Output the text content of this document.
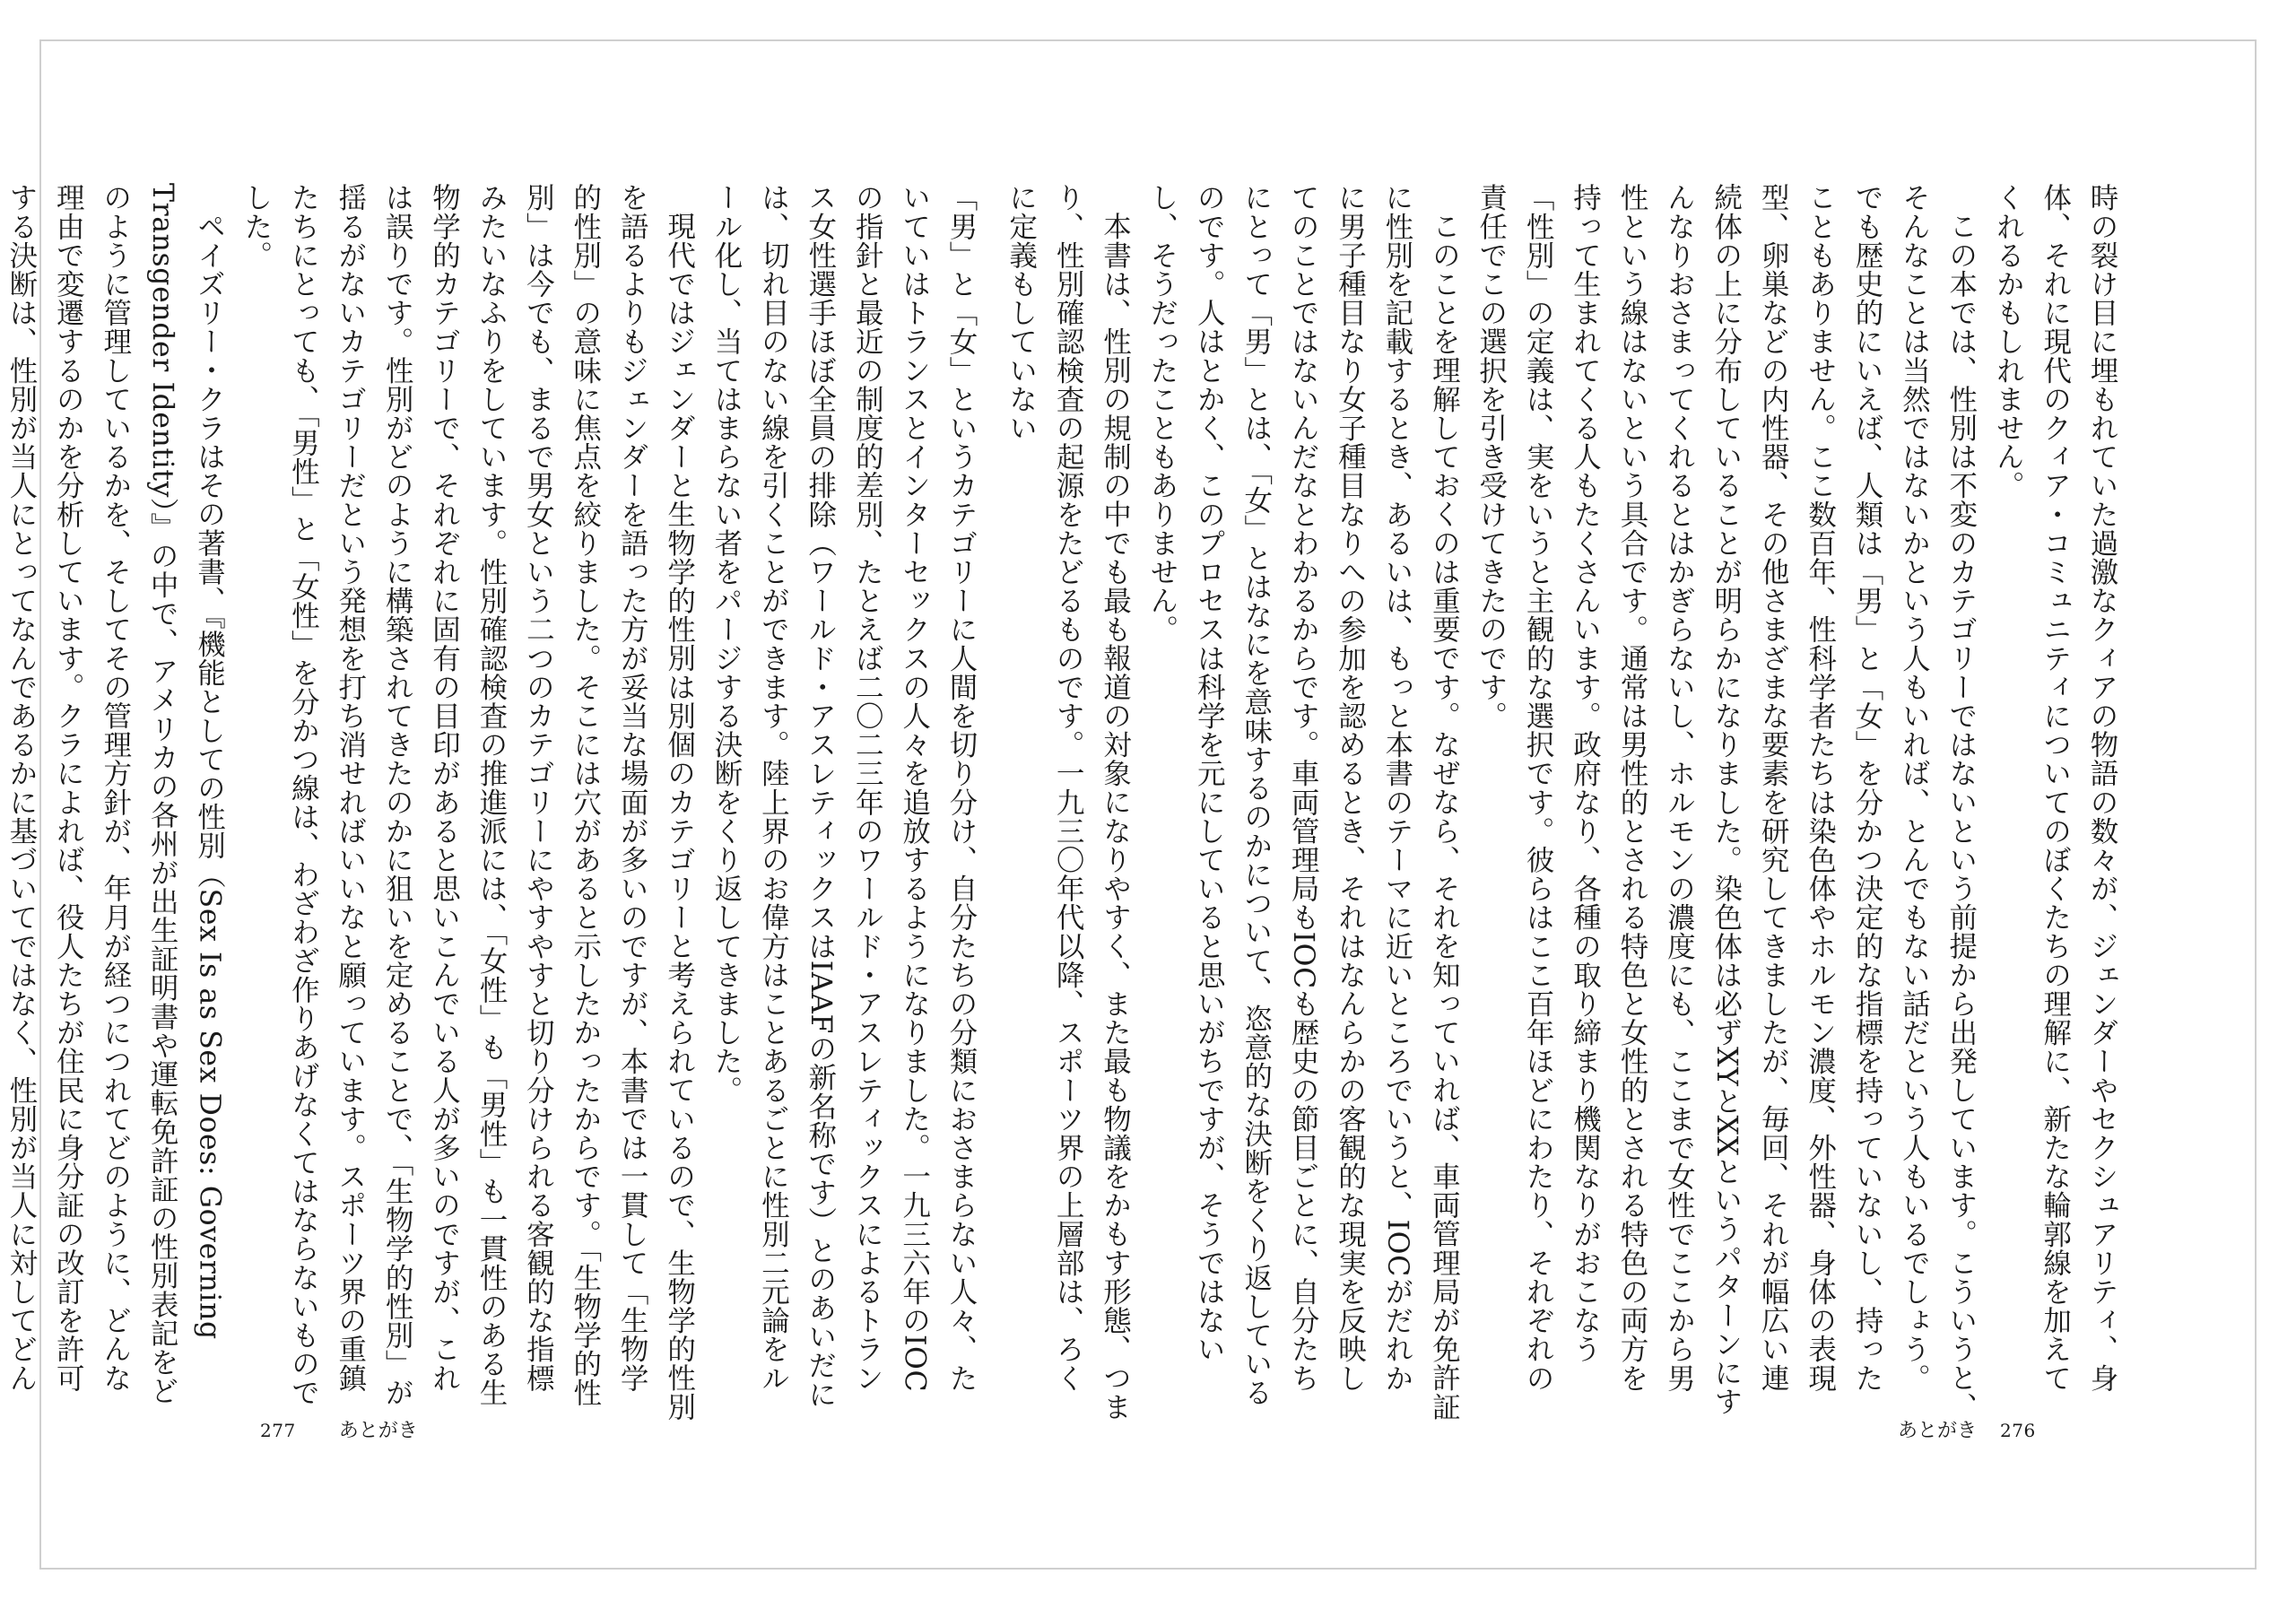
時の裂け目に埋もれていた過激なクィアの物語の数々が、ジェンダーやセクシュアリティ、身体、それに現代のクィア・コミュニティについてのぼくたちの理解に、新たな輪郭線を加えてくれるかもしれません。

この本では、性別は不変のカテゴリーではないという前提から出発しています。こういうと、そんなことは当然ではないかという人もいれば、とんでもない話だという人もいるでしょう。でも歴史的にいえば、人類は「男」と「女」を分かつ決定的な指標を持っていないし、持ったこともありません。ここ数百年、性科学者たちは染色体やホルモン濃度、外性器、身体の表現型、卵巣などの内性器、その他さまざまな要素を研究してきましたが、毎回、それが幅広い連続体の上に分布していることが明らかになりました。染色体は必ずXYとXXというパターンにすんなりおさまってくれるとはかぎらないし、ホルモンの濃度にも、ここまで女性でここから男性という線はないという具合です。通常は男性的とされる特色と女性的とされる特色の両方を持って生まれてくる人もたくさんいます。政府なり、各種の取り締まり機関なりがおこなう「性別」の定義は、実をいうと主観的な選択です。彼らはここ百年ほどにわたり、それぞれの責任でこの選択を引き受けてきたのです。

このことを理解しておくのは重要です。なぜなら、それを知っていれば、車両管理局が免許証に性別を記載するとき、あるいは、もっと本書のテーマに近いところでいうと、IOCがだれかに男子種目なり女子種目なりへの参加を認めるとき、それはなんらかの客観的な現実を反映してのことではないんだなとわかるからです。車両管理局もIOCも歴史の節目ごとに、自分たちにとって「男」とは、「女」とはなにを意味するのかについて、恣意的な決断をくり返しているのです。人はとかく、このプロセスは科学を元にしていると思いがちですが、そうではないし、そうだったこともありません。

本書は、性別の規制の中でも最も報道の対象になりやすく、また最も物議をかもす形態、つまり、性別確認検査の起源をたどるものです。一九三〇年代以降、スポーツ界の上層部は、ろくに定義もしていない

あとがき 276

「男」と「女」というカテゴリーに人間を切り分け、自分たちの分類におさまらない人々、たいていはトランスとインターセックスの人々を追放するようになりました。一九三六年のIOCの指針と最近の制度的差別、たとえば二〇二三年のワールド・アスレティックスによるトランス女性選手ほぼ全員の排除（ワールド・アスレティックスはIAAFの新名称です）とのあいだには、切れ目のない線を引くことができます。陸上界のお偉方はことあるごとに性別二元論をルール化し、当てはまらない者をパージする決断をくり返してきました。

現代ではジェンダーと生物学的性別は別個のカテゴリーと考えられているので、生物学的性別を語るよりもジェンダーを語った方が妥当な場面が多いのですが、本書では一貫して「生物学的性別」の意味に焦点を絞りました。そこには穴があると示したかったからです。「生物学的性別」は今でも、まるで男女という二つのカテゴリーにやすやすと切り分けられる客観的な指標みたいなふりをしています。性別確認検査の推進派には、「女性」も「男性」も一貫性のある生物学的カテゴリーで、それぞれに固有の目印があると思いこんでいる人が多いのですが、これは誤りです。性別がどのように構築されてきたのかに狙いを定めることで、「生物学的性別」が揺るがないカテゴリーだという発想を打ち消せればいいなと願っています。スポーツ界の重鎮たちにとっても、「男性」と「女性」を分かつ線は、わざわざ作りあげなくてはならないものでした。

ペイズリー・クラはその著書、『機能としての性別（Sex Is as Sex Does: Governing Transgender Identity）』の中で、アメリカの各州が出生証明書や運転免許証の性別表記をどのように管理しているかを、そしてその管理方針が、年月が経つにつれてどのように、どんな理由で変遷するのかを分析しています。クラによれば、役人たちが住民に身分証の改訂を許可する決断は、性別が当人にとってなんであるかに基づいてではなく、性別が当人に対してどん

277 あとがき
